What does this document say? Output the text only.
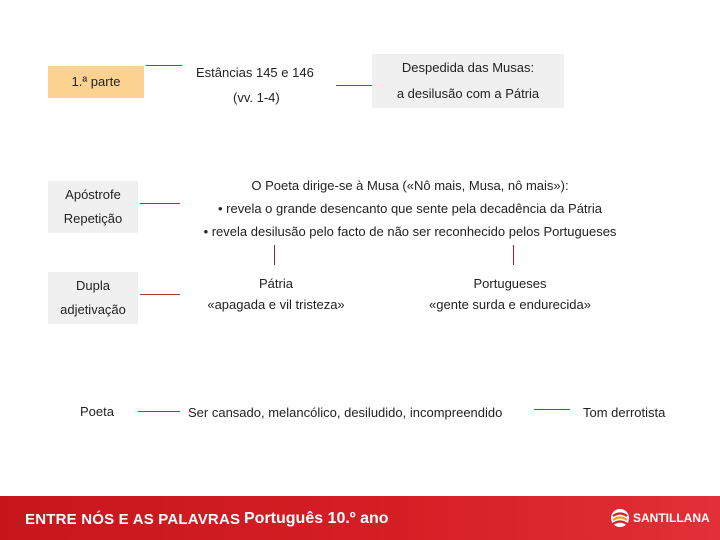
1.ª parte
Estâncias 145 e 146
(vv. 1-4)
Despedida das Musas:
a desilusão com a Pátria
Apóstrofe
Repetição
O Poeta dirige-se à Musa («Nô mais, Musa, nô mais»):
• revela o grande desencanto que sente pela decadência da Pátria
• revela desilusão pelo facto de não ser reconhecido pelos Portugueses
Dupla
adjetivação
Pátria
«apagada e vil tristeza»
Portugueses
«gente surda e endurecida»
Poeta	Ser cansado, melancólico, desiludido, incompreendido	Tom derrotista
ENTRE NÓS E AS PALAVRAS Português 10.º ano	SANTILLANA
